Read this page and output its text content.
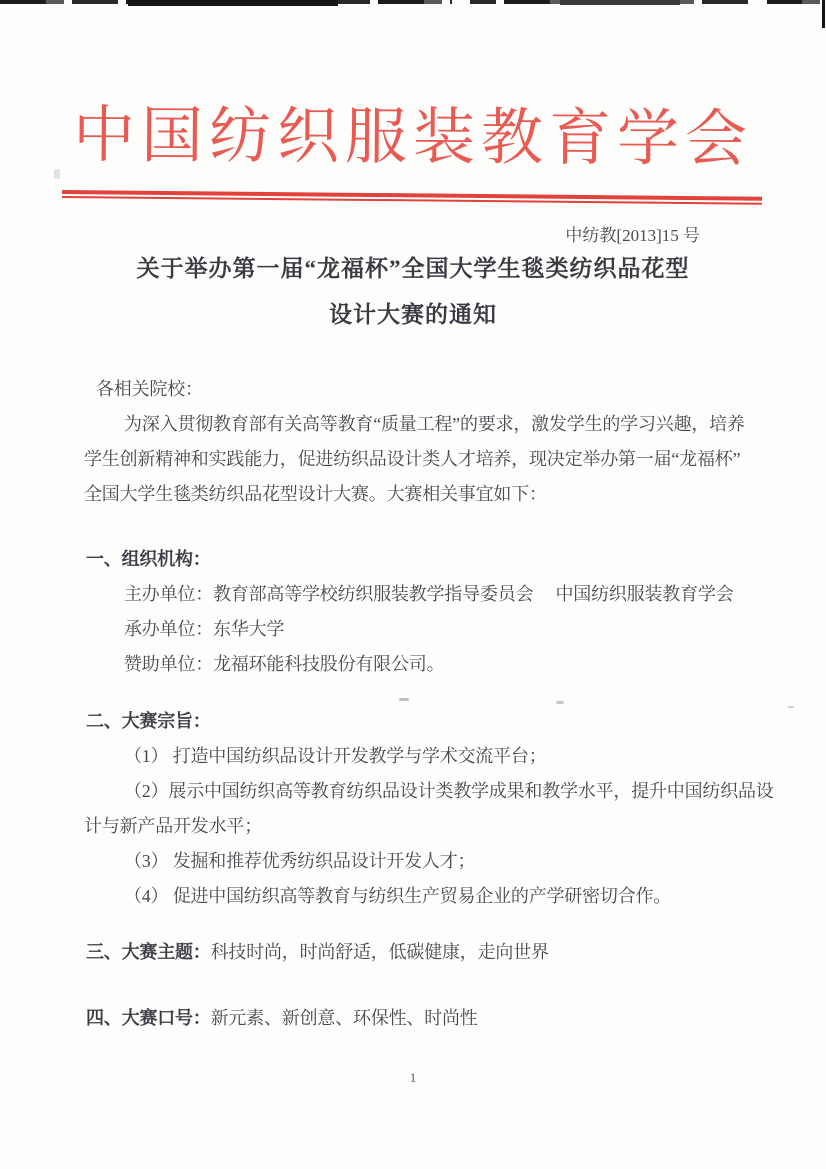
中国纺织服装教育学会
中纺教[2013]15 号
关于举办第一届“龙福杯”全国大学生毯类纺织品花型
设计大赛的通知
各相关院校：
为深入贯彻教育部有关高等教育“质量工程”的要求，激发学生的学习兴趣，培养
学生创新精神和实践能力，促进纺织品设计类人才培养，现决定举办第一届“龙福杯”
全国大学生毯类纺织品花型设计大赛。大赛相关事宜如下：
一、组织机构：
主办单位：教育部高等学校纺织服装教学指导委员会　 中国纺织服装教育学会
承办单位：东华大学
赞助单位：龙福环能科技股份有限公司。
二、大赛宗旨：
（1） 打造中国纺织品设计开发教学与学术交流平台；
（2）展示中国纺织高等教育纺织品设计类教学成果和教学水平，提升中国纺织品设
计与新产品开发水平；
（3） 发掘和推荐优秀纺织品设计开发人才；
（4） 促进中国纺织高等教育与纺织生产贸易企业的产学研密切合作。
三、大赛主题：科技时尚，时尚舒适，低碳健康，走向世界
四、大赛口号：新元素、新创意、环保性、时尚性
1
